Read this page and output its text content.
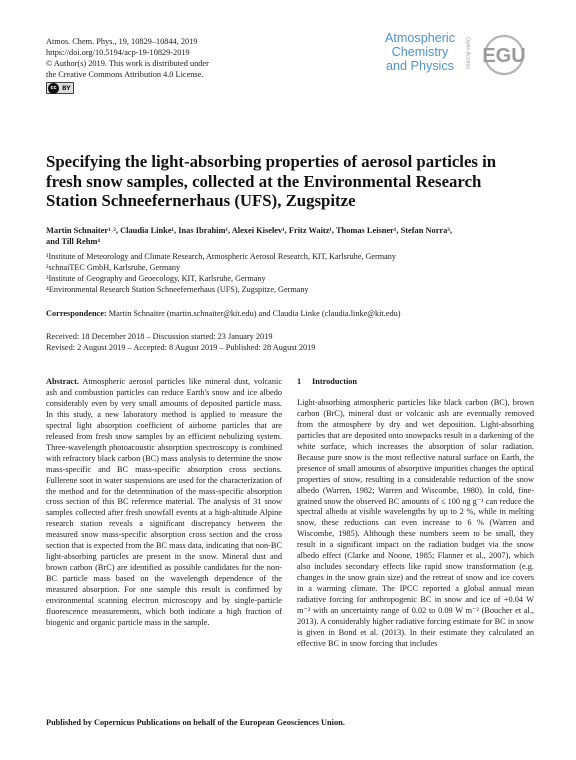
Atmos. Chem. Phys., 19, 10829–10844, 2019
https://doi.org/10.5194/acp-19-10829-2019
© Author(s) 2019. This work is distributed under
the Creative Commons Attribution 4.0 License.
cc BY
Atmospheric
Chemistry
and Physics	Open Access EGU
Specifying the light-absorbing properties of aerosol particles in fresh snow samples, collected at the Environmental Research Station Schneefernerhaus (UFS), Zugspitze
Martin Schnaiter¹˒², Claudia Linke¹, Inas Ibrahim¹, Alexei Kiselev¹, Fritz Waitz¹, Thomas Leisner¹, Stefan Norra³,
and Till Rehm⁴
¹Institute of Meteorology and Climate Research, Atmospheric Aerosol Research, KIT, Karlsruhe, Germany
²schnaiTEC GmbH, Karlsruhe, Germany
³Institute of Geography and Geoecology, KIT, Karlsruhe, Germany
⁴Environmental Research Station Schneefernerhaus (UFS), Zugspitze, Germany
Correspondence: Martin Schnaiter (martin.schnaiter@kit.edu) and Claudia Linke (claudia.linke@kit.edu)
Received: 18 December 2018 – Discussion started: 23 January 2019
Revised: 2 August 2019 – Accepted: 8 August 2019 – Published: 28 August 2019
Abstract. Atmospheric aerosol particles like mineral dust, volcanic ash and combustion particles can reduce Earth's snow and ice albedo considerably even by very small amounts of deposited particle mass. In this study, a new laboratory method is applied to measure the spectral light absorption coefficient of airborne particles that are released from fresh snow samples by an efficient nebulizing system. Three-wavelength photoacoustic absorption spectroscopy is combined with refractory black carbon (BC) mass analysis to determine the snow mass-specific and BC mass-specific absorption cross sections. Fullerene soot in water suspensions are used for the characterization of the method and for the determination of the mass-specific absorption cross section of this BC reference material. The analysis of 31 snow samples collected after fresh snowfall events at a high-altitude Alpine research station reveals a significant discrepancy between the measured snow mass-specific absorption cross section and the cross section that is expected from the BC mass data, indicating that non-BC light-absorbing particles are present in the snow. Mineral dust and brown carbon (BrC) are identified as possible candidates for the non-BC particle mass based on the wavelength dependence of the measured absorption. For one sample this result is confirmed by environmental scanning electron microscopy and by single-particle fluorescence measurements, which both indicate a high fraction of biogenic and organic particle mass in the sample.
1 Introduction
Light-absorbing atmospheric particles like black carbon (BC), brown carbon (BrC), mineral dust or volcanic ash are eventually removed from the atmosphere by dry and wet deposition. Light-absorbing particles that are deposited onto snowpacks result in a darkening of the white surface, which increases the absorption of solar radiation. Because pure snow is the most reflective natural surface on Earth, the presence of small amounts of absorptive impurities changes the optical properties of snow, resulting in a considerable reduction of the snow albedo (Warren, 1982; Warren and Wiscombe, 1980). In cold, fine-grained snow the observed BC amounts of ≤ 100 ng g⁻¹ can reduce the spectral albedo at visible wavelengths by up to 2 %, while in melting snow, these reductions can even increase to 6 % (Warren and Wiscombe, 1985). Although these numbers seem to be small, they result in a significant impact on the radiation budget via the snow albedo effect (Clarke and Noone, 1985; Flanner et al., 2007), which also includes secondary effects like rapid snow transformation (e.g. changes in the snow grain size) and the retreat of snow and ice covers in a warming climate. The IPCC reported a global annual mean radiative forcing for anthropogenic BC in snow and ice of +0.04 W m⁻² with an uncertainty range of 0.02 to 0.09 W m⁻² (Boucher et al., 2013). A considerably higher radiative forcing estimate for BC in snow is given in Bond et al. (2013). In their estimate they calculated an effective BC in snow forcing that includes
Published by Copernicus Publications on behalf of the European Geosciences Union.
